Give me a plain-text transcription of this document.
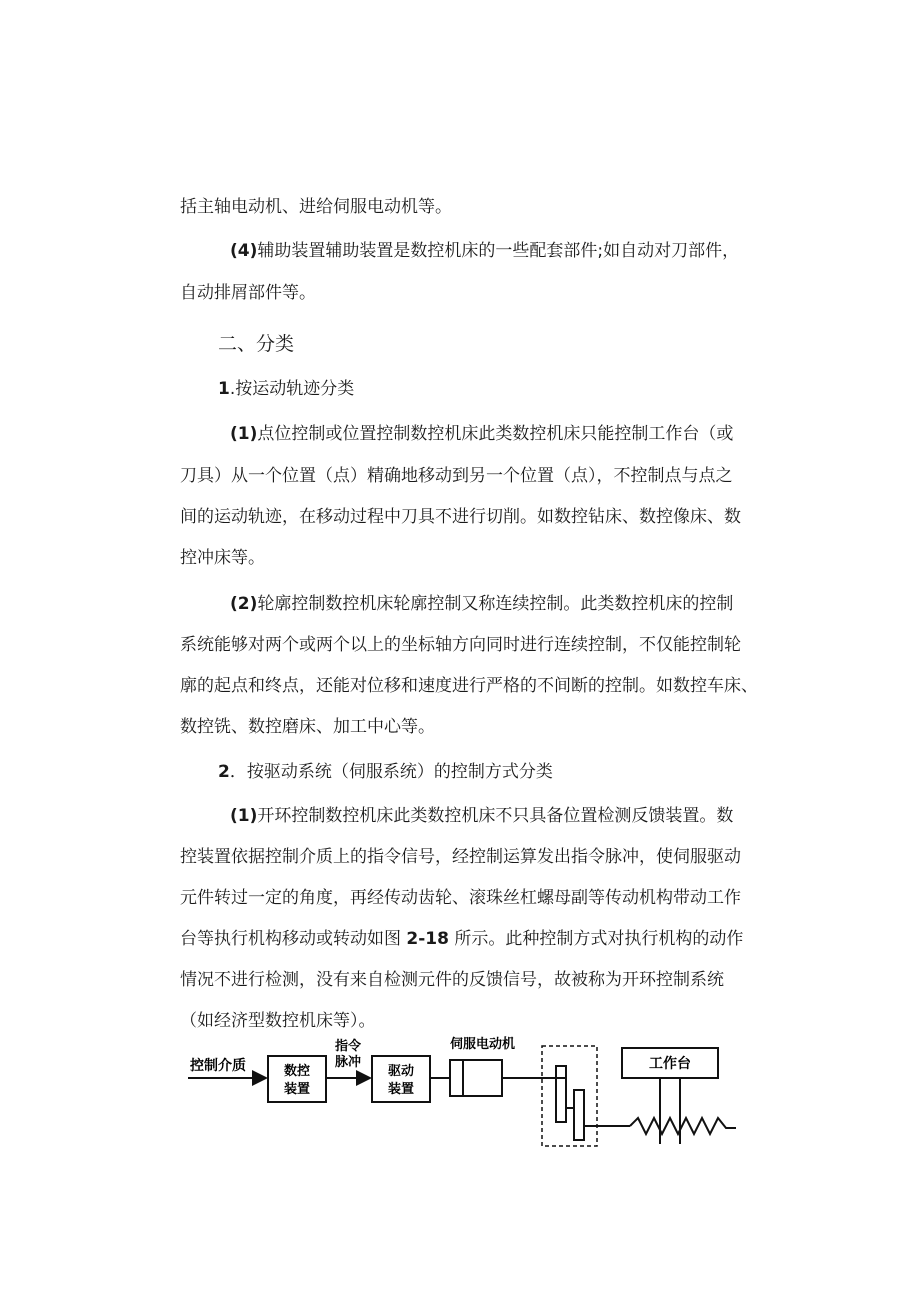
括主轴电动机、进给伺服电动机等。
(4)辅助装置辅助装置是数控机床的一些配套部件;如自动对刀部件，
自动排屑部件等。
二、分类
1.按运动轨迹分类
(1)点位控制或位置控制数控机床此类数控机床只能控制工作台（或
刀具）从一个位置（点）精确地移动到另一个位置（点），不控制点与点之
间的运动轨迹，在移动过程中刀具不进行切削。如数控钻床、数控像床、数
控冲床等。
(2)轮廓控制数控机床轮廓控制又称连续控制。此类数控机床的控制
系统能够对两个或两个以上的坐标轴方向同时进行连续控制，不仅能控制轮
廓的起点和终点，还能对位移和速度进行严格的不间断的控制。如数控车床、
数控铣、数控磨床、加工中心等。
2．按驱动系统（伺服系统）的控制方式分类
(1)开环控制数控机床此类数控机床不只具备位置检测反馈装置。数
控装置依据控制介质上的指令信号，经控制运算发出指令脉冲，使伺服驱动
元件转过一定的角度，再经传动齿轮、滚珠丝杠螺母副等传动机构带动工作
台等执行机构移动或转动如图 2-18 所示。此种控制方式对执行机构的动作
情况不进行检测，没有来自检测元件的反馈信号，故被称为开环控制系统
（如经济型数控机床等）。
控制介质	数控
装置
指令
脉冲
驱动
装置
伺服电动机
工作台
